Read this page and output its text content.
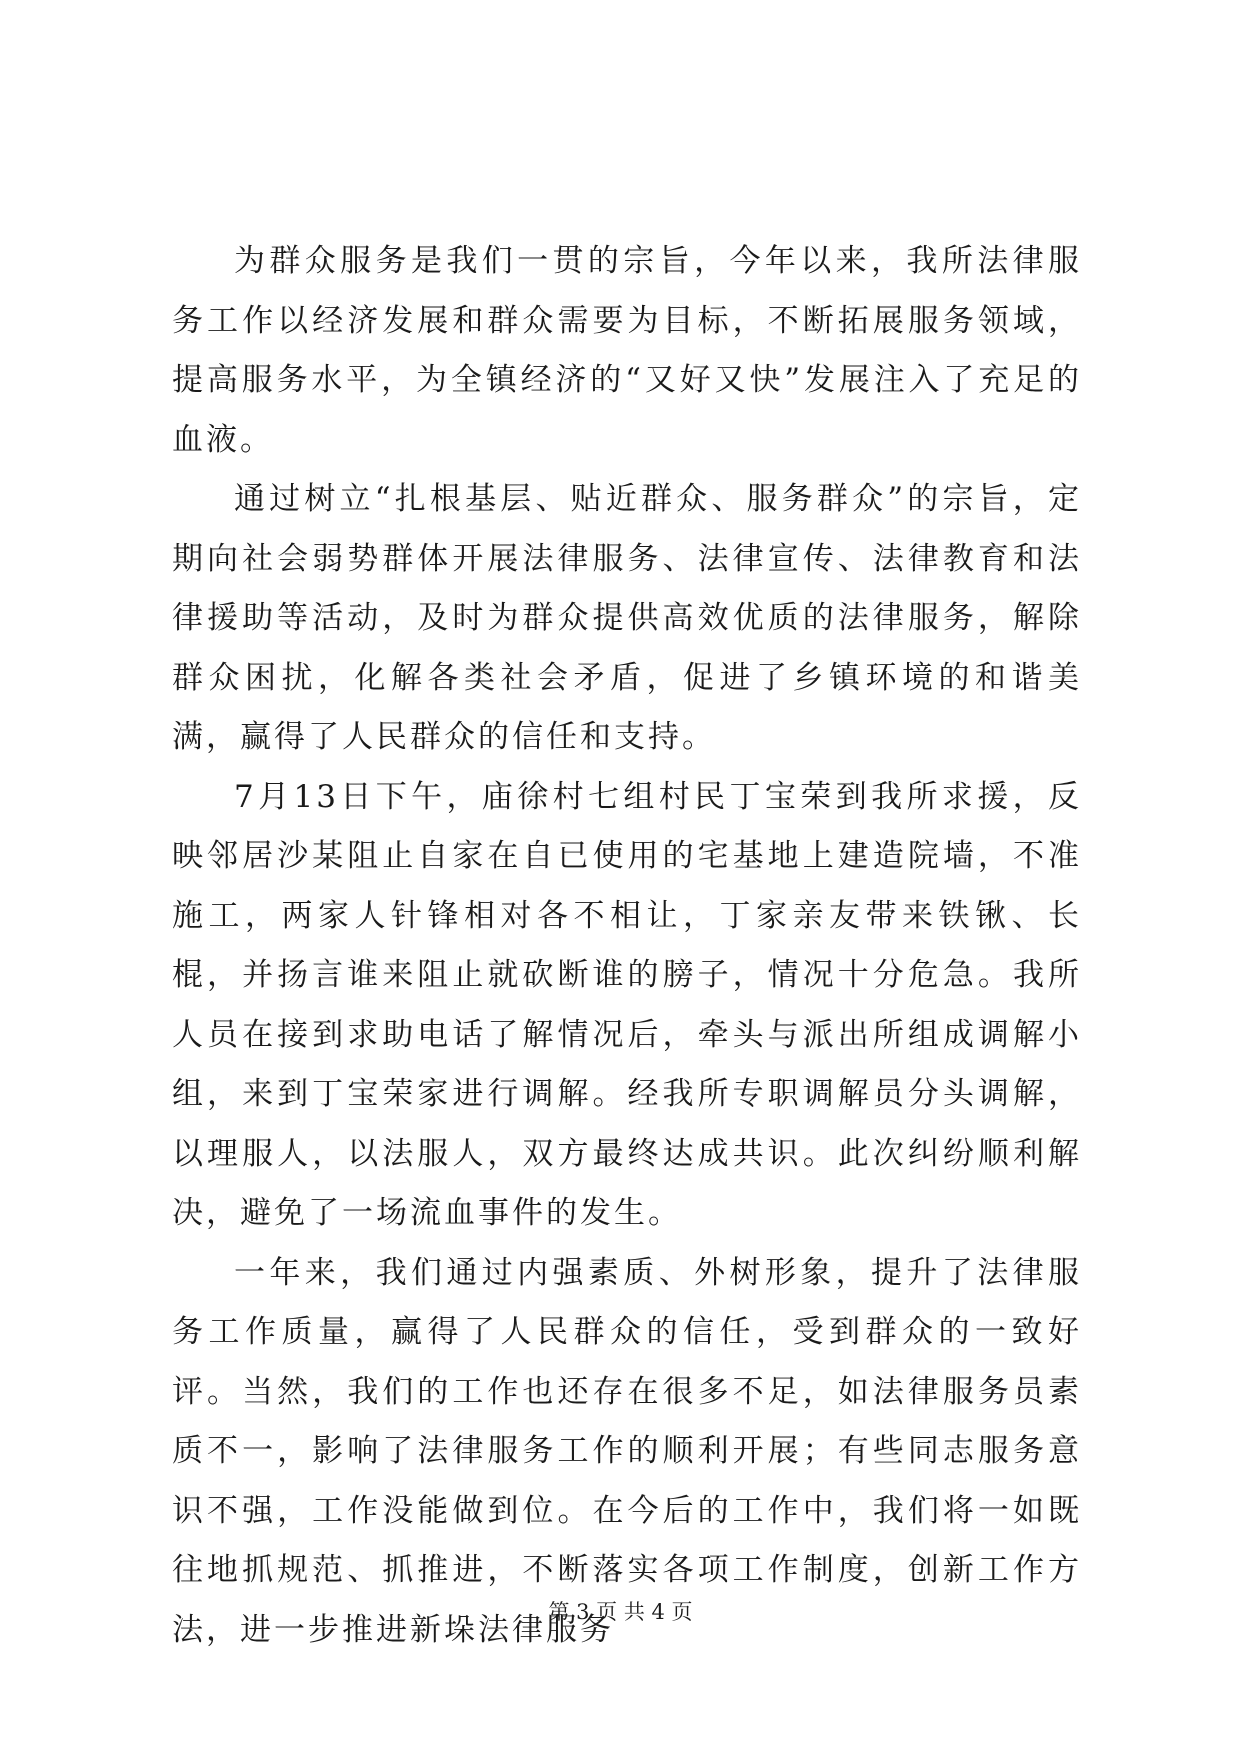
为群众服务是我们一贯的宗旨，今年以来，我所法律服务工作以经济发展和群众需要为目标，不断拓展服务领域，提高服务水平，为全镇经济的“又好又快”发展注入了充足的血液。

通过树立“扎根基层、贴近群众、服务群众”的宗旨，定期向社会弱势群体开展法律服务、法律宣传、法律教育和法律援助等活动，及时为群众提供高效优质的法律服务，解除群众困扰，化解各类社会矛盾，促进了乡镇环境的和谐美满，赢得了人民群众的信任和支持。

7月13日下午，庙徐村七组村民丁宝荣到我所求援，反映邻居沙某阻止自家在自已使用的宅基地上建造院墙，不准施工，两家人针锋相对各不相让，丁家亲友带来铁锹、长棍，并扬言谁来阻止就砍断谁的膀子，情况十分危急。我所人员在接到求助电话了解情况后，牵头与派出所组成调解小组，来到丁宝荣家进行调解。经我所专职调解员分头调解，以理服人，以法服人，双方最终达成共识。此次纠纷顺利解决，避免了一场流血事件的发生。

一年来，我们通过内强素质、外树形象，提升了法律服务工作质量，赢得了人民群众的信任，受到群众的一致好评。当然，我们的工作也还存在很多不足，如法律服务员素质不一，影响了法律服务工作的顺利开展；有些同志服务意识不强，工作没能做到位。在今后的工作中，我们将一如既往地抓规范、抓推进，不断落实各项工作制度，创新工作方法，进一步推进新垛法律服务

第 3 页 共 4 页
